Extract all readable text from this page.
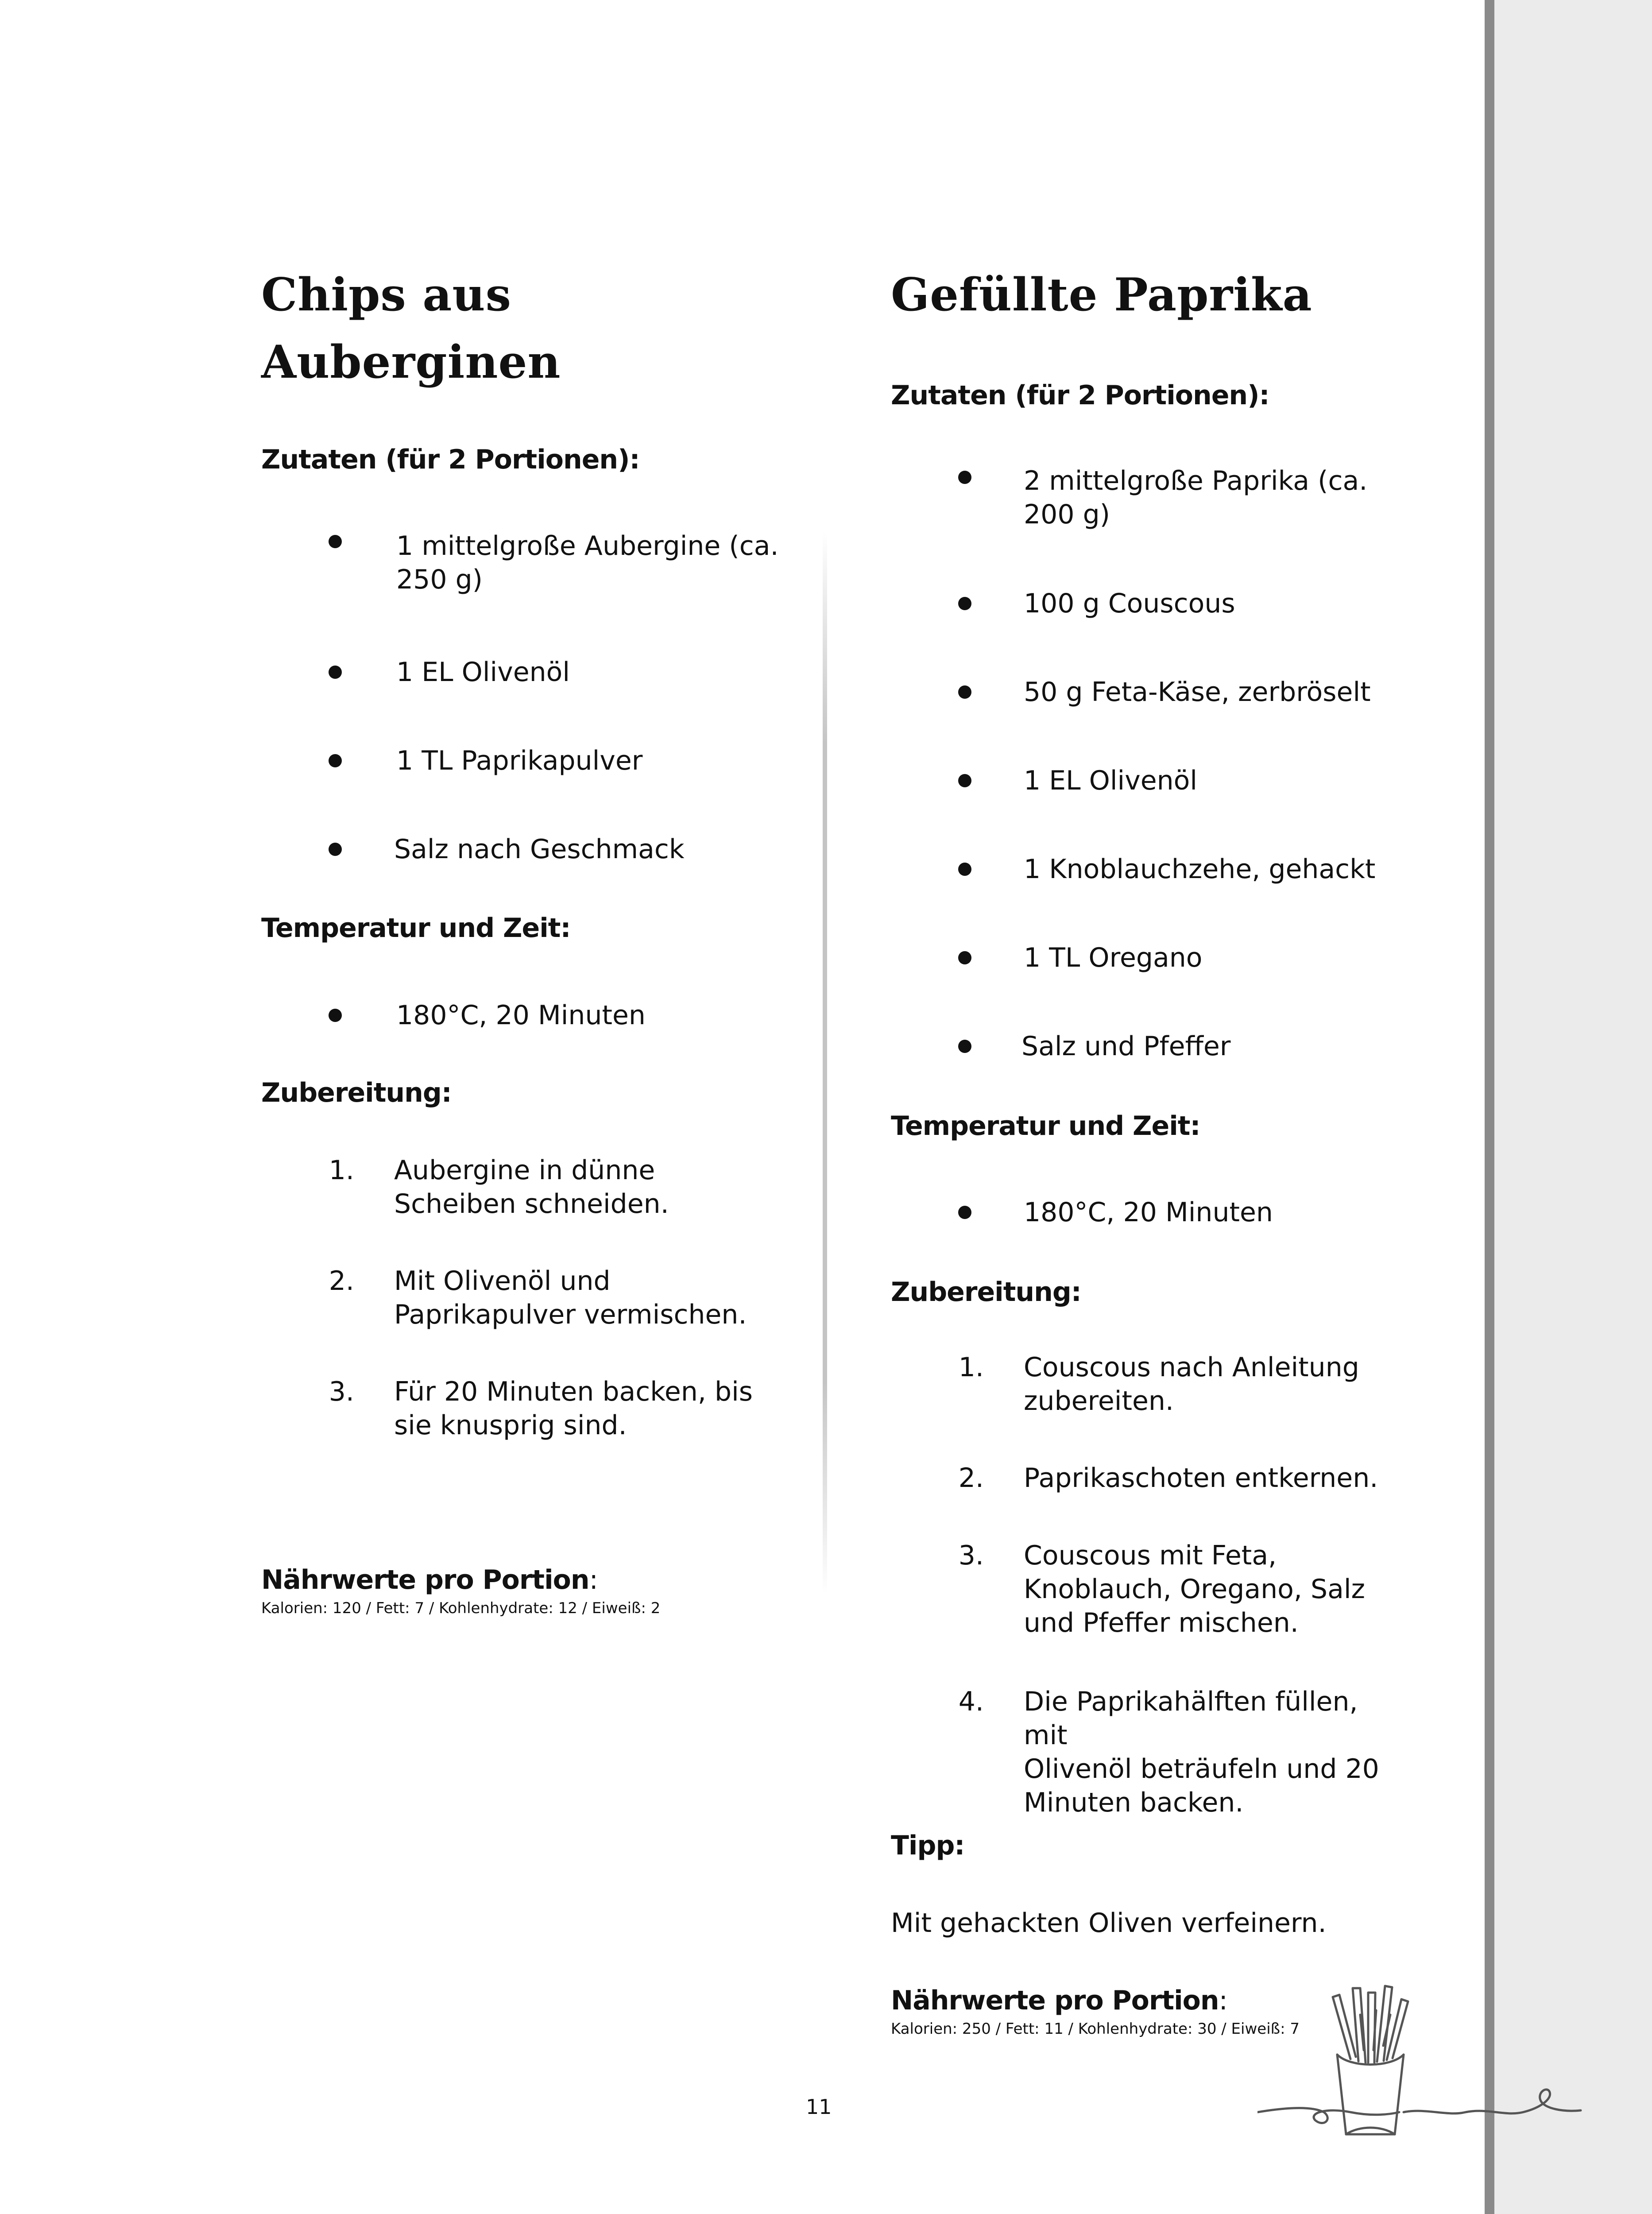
Chips aus
Auberginen
Zutaten (für 2 Portionen):
1 mittelgroße Aubergine (ca.
250 g)
1 EL Olivenöl
1 TL Paprikapulver
Salz nach Geschmack
Temperatur und Zeit:
180°C, 20 Minuten
Zubereitung:
1. Aubergine in dünne
Scheiben schneiden.
2. Mit Olivenöl und
Paprikapulver vermischen.
3. Für 20 Minuten backen, bis
sie knusprig sind.
Nährwerte pro Portion:
Kalorien: 120 / Fett: 7 / Kohlenhydrate: 12 / Eiweiß: 2
Gefüllte Paprika
Zutaten (für 2 Portionen):
2 mittelgroße Paprika (ca.
200 g)
100 g Couscous
50 g Feta-Käse, zerbröselt
1 EL Olivenöl
1 Knoblauchzehe, gehackt
1 TL Oregano
Salz und Pfeffer
Temperatur und Zeit:
180°C, 20 Minuten
Zubereitung:
1. Couscous nach Anleitung
zubereiten.
2. Paprikaschoten entkernen.
3. Couscous mit Feta,
Knoblauch, Oregano, Salz
und Pfeffer mischen.
4. Die Paprikahälften füllen, mit
Olivenöl beträufeln und 20
Minuten backen.
Tipp:
Mit gehackten Oliven verfeinern.
Nährwerte pro Portion:
Kalorien: 250 / Fett: 11 / Kohlenhydrate: 30 / Eiweiß: 7
11
